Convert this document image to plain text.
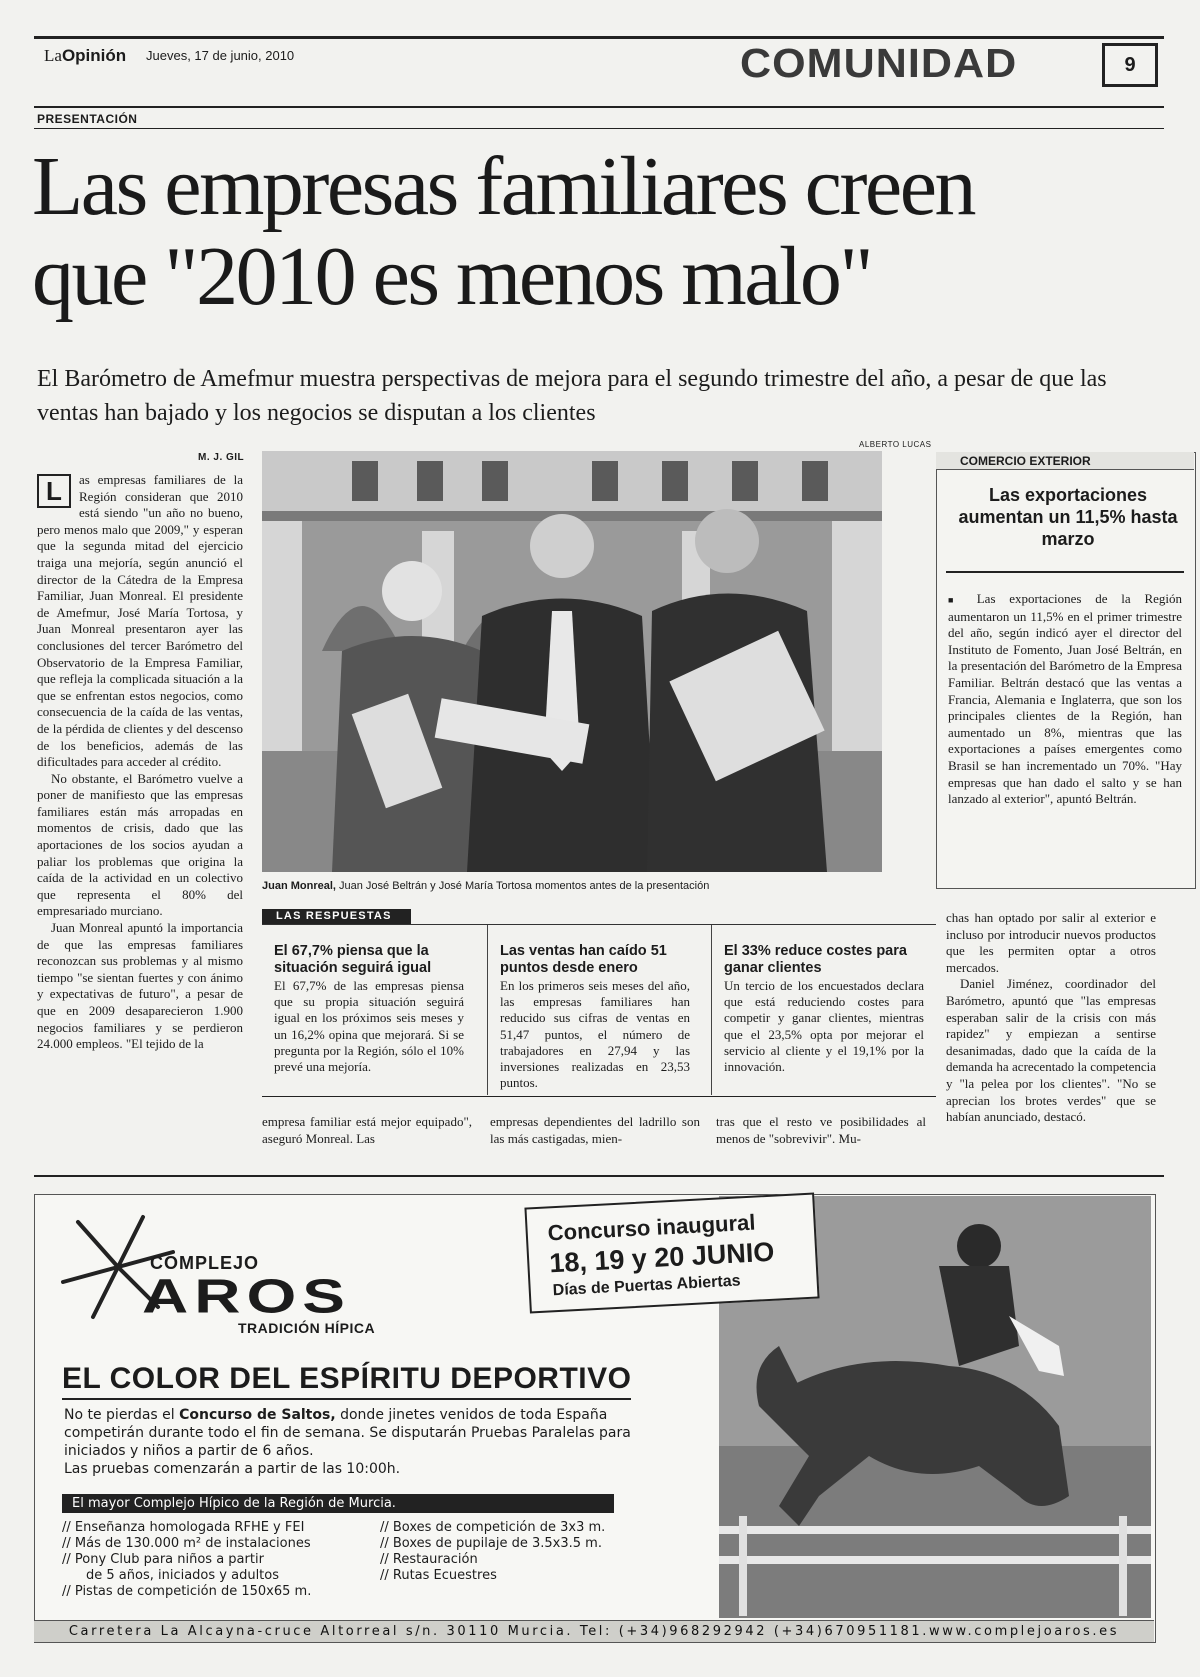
LaOpinión Jueves, 17 de junio, 2010	COMUNIDAD	9
PRESENTACIÓN
Las empresas familiares creen
que "2010 es menos malo"
El Barómetro de Amefmur muestra perspectivas de mejora para el segundo trimestre del año, a pesar de que las ventas han bajado y los negocios se disputan a los clientes
M. J. GIL

L	as empresas familiares de la Región consideran que 2010 está siendo "un año no bueno, pero menos malo que 2009," y esperan que la segunda mitad del ejercicio traiga una mejoría, según anunció el director de la Cátedra de la Empresa Familiar, Juan Monreal. El presidente de Amefmur, José María Tortosa, y Juan Monreal presentaron ayer las conclusiones del tercer Barómetro del Observatorio de la Empresa Familiar, que refleja la complicada situación a la que se enfrentan estos negocios, como consecuencia de la caída de las ventas, de la pérdida de clientes y del descenso de los beneficios, además de las dificultades para acceder al crédito.

No obstante, el Barómetro vuelve a poner de manifiesto que las empresas familiares están más arropadas en momentos de crisis, dado que las aportaciones de los socios ayudan a paliar los problemas que origina la caída de la actividad en un colectivo que representa el 80% del empresariado murciano.

Juan Monreal apuntó la importancia de que las empresas familiares reconozcan sus problemas y al mismo tiempo "se sientan fuertes y con ánimo y expectativas de futuro", a pesar de que en 2009 desaparecieron 1.900 negocios familiares y se perdieron 24.000 empleos. "El tejido de la

ALBERTO LUCAS
Juan Monreal, Juan José Beltrán y José María Tortosa momentos antes de la presentación
COMERCIO EXTERIOR
Las exportaciones aumentan un 11,5% hasta marzo
■ Las exportaciones de la Región aumentaron un 11,5% en el primer trimestre del año, según indicó ayer el director del Instituto de Fomento, Juan José Beltrán, en la presentación del Barómetro de la Empresa Familiar. Beltrán destacó que las ventas a Francia, Alemania e Inglaterra, que son los principales clientes de la Región, han aumentado un 8%, mientras que las exportaciones a países emergentes como Brasil se han incrementado un 70%. "Hay empresas que han dado el salto y se han lanzado al exterior", apuntó Beltrán.
LAS RESPUESTAS
El 67,7% piensa que la situación seguirá igual
El 67,7% de las empresas piensa que su propia situación seguirá igual en los próximos seis meses y un 16,2% opina que mejorará. Si se pregunta por la Región, sólo el 10% prevé una mejoría.
Las ventas han caído 51 puntos desde enero
En los primeros seis meses del año, las empresas familiares han reducido sus cifras de ventas en 51,47 puntos, el número de trabajadores en 27,94 y las inversiones realizadas en 23,53 puntos.
El 33% reduce costes para ganar clientes
Un tercio de los encuestados declara que está reduciendo costes para competir y ganar clientes, mientras que el 23,5% opta por mejorar el servicio al cliente y el 19,1% por la innovación.
empresa familiar está mejor equipado", aseguró Monreal. Las
empresas dependientes del ladrillo son las más castigadas, mien-
tras que el resto ve posibilidades al menos de "sobrevivir". Mu-

chas han optado por salir al exterior e incluso por introducir nuevos productos que les permiten optar a otros mercados.

Daniel Jiménez, coordinador del Barómetro, apuntó que "las empresas esperaban salir de la crisis con más rapidez" y empiezan a sentirse desanimadas, dado que la caída de la demanda ha acrecentado la competencia y "la pelea por los clientes". "No se aprecian los brotes verdes" que se habían anunciado, destacó.

Concurso inaugural
18, 19 y 20 JUNIO
Días de Puertas Abiertas
COMPLEJO
AROS
TRADICIÓN HÍPICA
EL COLOR DEL ESPÍRITU DEPORTIVO
No te pierdas el Concurso de Saltos, donde jinetes venidos de toda España competirán durante todo el fin de semana. Se disputarán Pruebas Paralelas para iniciados y niños a partir de 6 años.
Las pruebas comenzarán a partir de las 10:00h.
El mayor Complejo Hípico de la Región de Murcia.
// Enseñanza homologada RFHE y FEI
// Más de 130.000 m² de instalaciones
// Pony Club para niños a partir
de 5 años, iniciados y adultos
// Pistas de competición de 150x65 m.
// Boxes de competición de 3x3 m.
// Boxes de pupilaje de 3.5x3.5 m.
// Restauración
// Rutas Ecuestres
Carretera La Alcayna-cruce Altorreal s/n. 30110 Murcia. Tel: (+34)968292942 (+34)670951181.www.complejoaros.es
